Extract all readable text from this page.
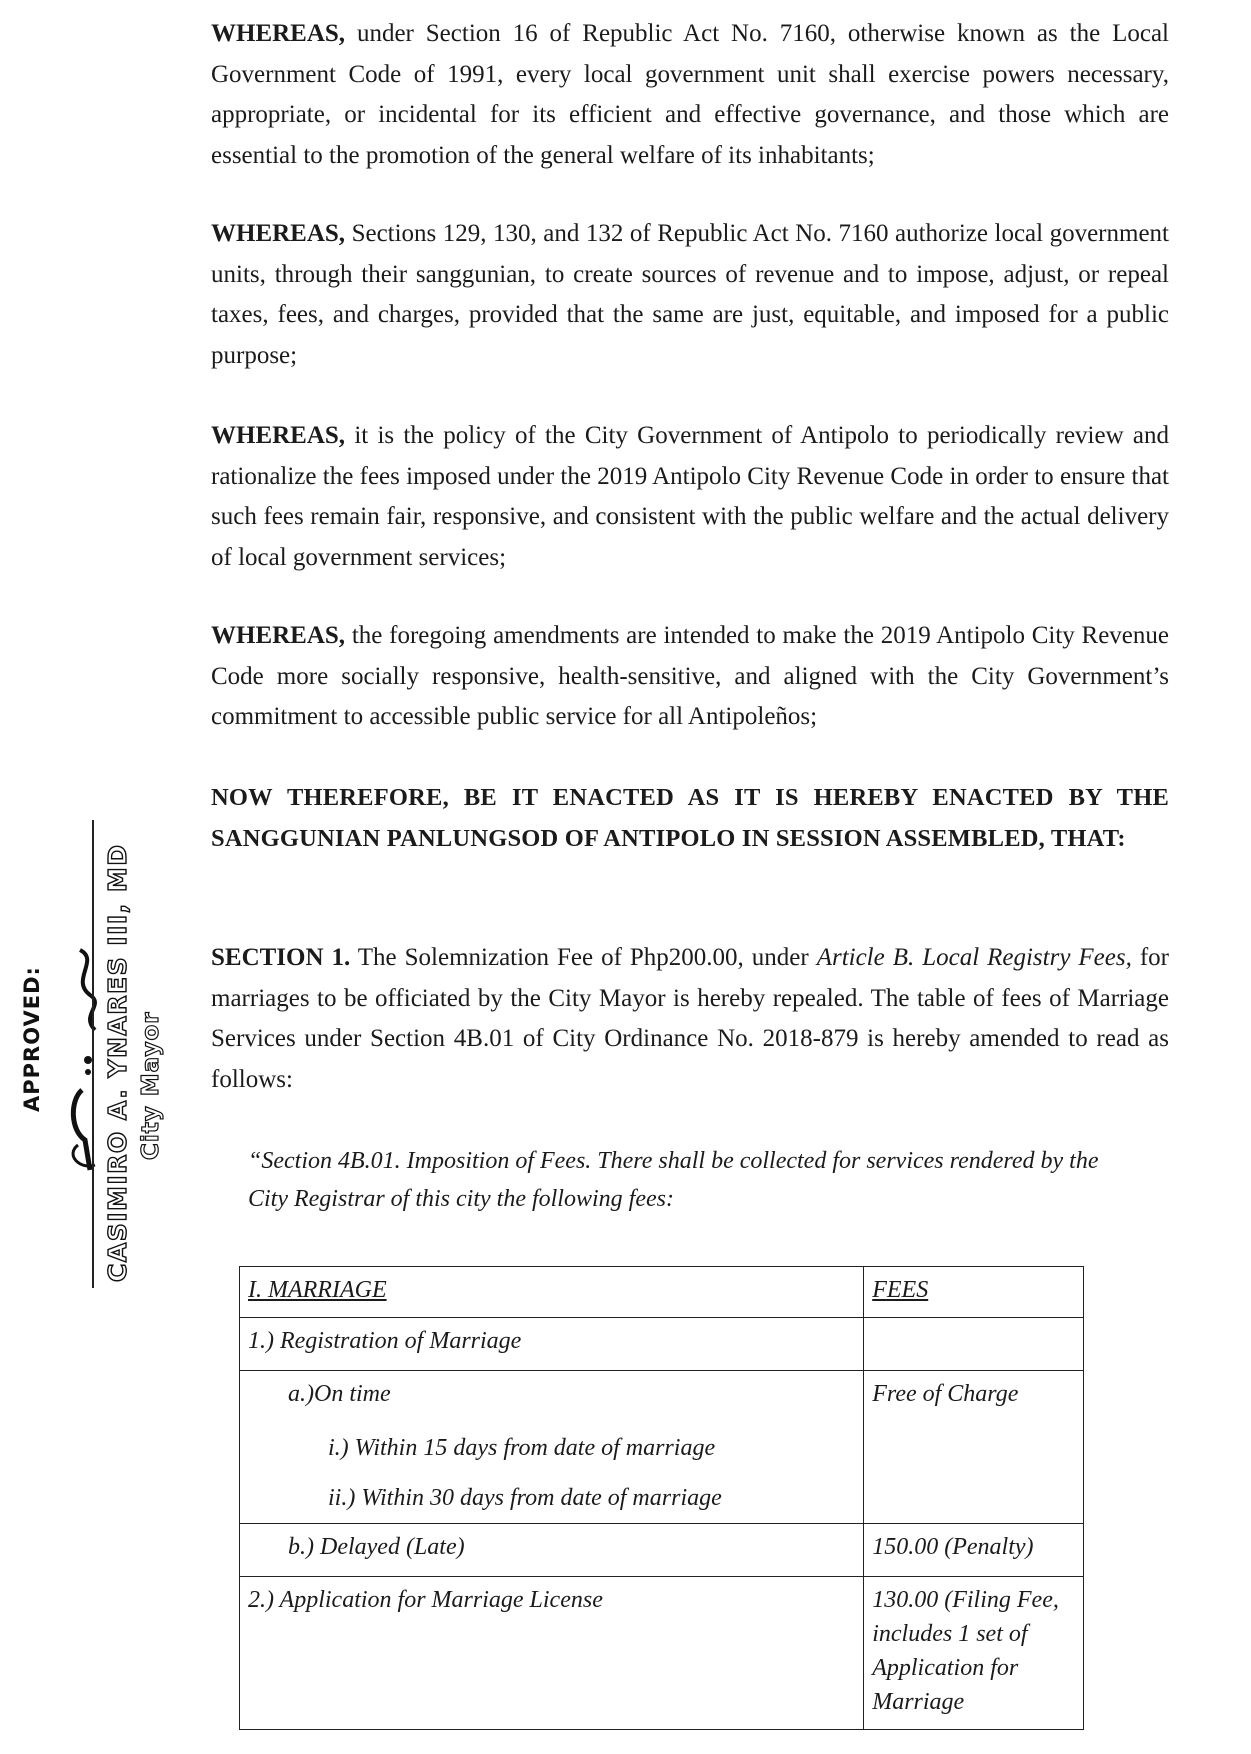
WHEREAS, under Section 16 of Republic Act No. 7160, otherwise known as the Local Government Code of 1991, every local government unit shall exercise powers necessary, appropriate, or incidental for its efficient and effective governance, and those which are essential to the promotion of the general welfare of its inhabitants;

WHEREAS, Sections 129, 130, and 132 of Republic Act No. 7160 authorize local government units, through their sanggunian, to create sources of revenue and to impose, adjust, or repeal taxes, fees, and charges, provided that the same are just, equitable, and imposed for a public purpose;

WHEREAS, it is the policy of the City Government of Antipolo to periodically review and rationalize the fees imposed under the 2019 Antipolo City Revenue Code in order to ensure that such fees remain fair, responsive, and consistent with the public welfare and the actual delivery of local government services;

WHEREAS, the foregoing amendments are intended to make the 2019 Antipolo City Revenue Code more socially responsive, health-sensitive, and aligned with the City Government’s commitment to accessible public service for all Antipoleños;

NOW THEREFORE, BE IT ENACTED AS IT IS HEREBY ENACTED BY THE SANGGUNIAN PANLUNGSOD OF ANTIPOLO IN SESSION ASSEMBLED, THAT:

SECTION 1. The Solemnization Fee of Php200.00, under Article B. Local Registry Fees, for marriages to be officiated by the City Mayor is hereby repealed. The table of fees of Marriage Services under Section 4B.01 of City Ordinance No. 2018-879 is hereby amended to read as follows:

“Section 4B.01. Imposition of Fees. There shall be collected for services rendered by the City Registrar of this city the following fees:

I. MARRIAGE	FEES
1.) Registration of Marriage	

a.)On time
i.) Within 15 days from date of marriage
ii.) Within 30 days from date of marriage	Free of Charge

b.) Delayed (Late)	150.00 (Penalty)
2.) Application for Marriage License	130.00 (Filing Fee, includes 1 set of Application for Marriage
APPROVED: CASIMIRO A. YNARES III, MD City Mayor
